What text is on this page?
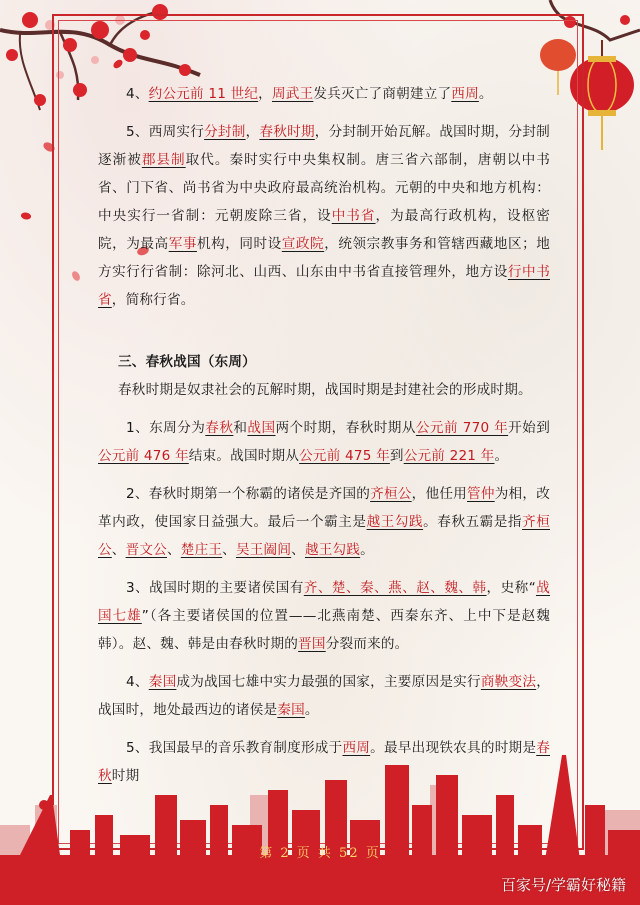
4、约公元前 11 世纪，周武王发兵灭亡了商朝建立了西周。

5、西周实行分封制，春秋时期，分封制开始瓦解。战国时期，分封制逐渐被郡县制取代。秦时实行中央集权制。唐三省六部制，唐朝以中书省、门下省、尚书省为中央政府最高统治机构。元朝的中央和地方机构：中央实行一省制：元朝废除三省，设中书省，为最高行政机构，设枢密院，为最高军事机构，同时设宣政院，统领宗教事务和管辖西藏地区；地方实行行省制：除河北、山西、山东由中书省直接管理外，地方设行中书省，简称行省。

三、春秋战国（东周）

春秋时期是奴隶社会的瓦解时期，战国时期是封建社会的形成时期。

1、东周分为春秋和战国两个时期，春秋时期从公元前 770 年开始到公元前 476 年结束。战国时期从公元前 475 年到公元前 221 年。

2、春秋时期第一个称霸的诸侯是齐国的齐桓公，他任用管仲为相，改革内政，使国家日益强大。最后一个霸主是越王勾践。春秋五霸是指齐桓公、晋文公、楚庄王、吴王阖闾、越王勾践。

3、战国时期的主要诸侯国有齐、楚、秦、燕、赵、魏、韩，史称“战国七雄”（各主要诸侯国的位置——北燕南楚、西秦东齐、上中下是赵魏韩）。赵、魏、韩是由春秋时期的晋国分裂而来的。

4、秦国成为战国七雄中实力最强的国家，主要原因是实行商鞅变法，战国时，地处最西边的诸侯是秦国。

5、我国最早的音乐教育制度形成于西周。最早出现铁农具的时期是春秋时期

第 2 页 共 52 页
百家号/学霸好秘籍
